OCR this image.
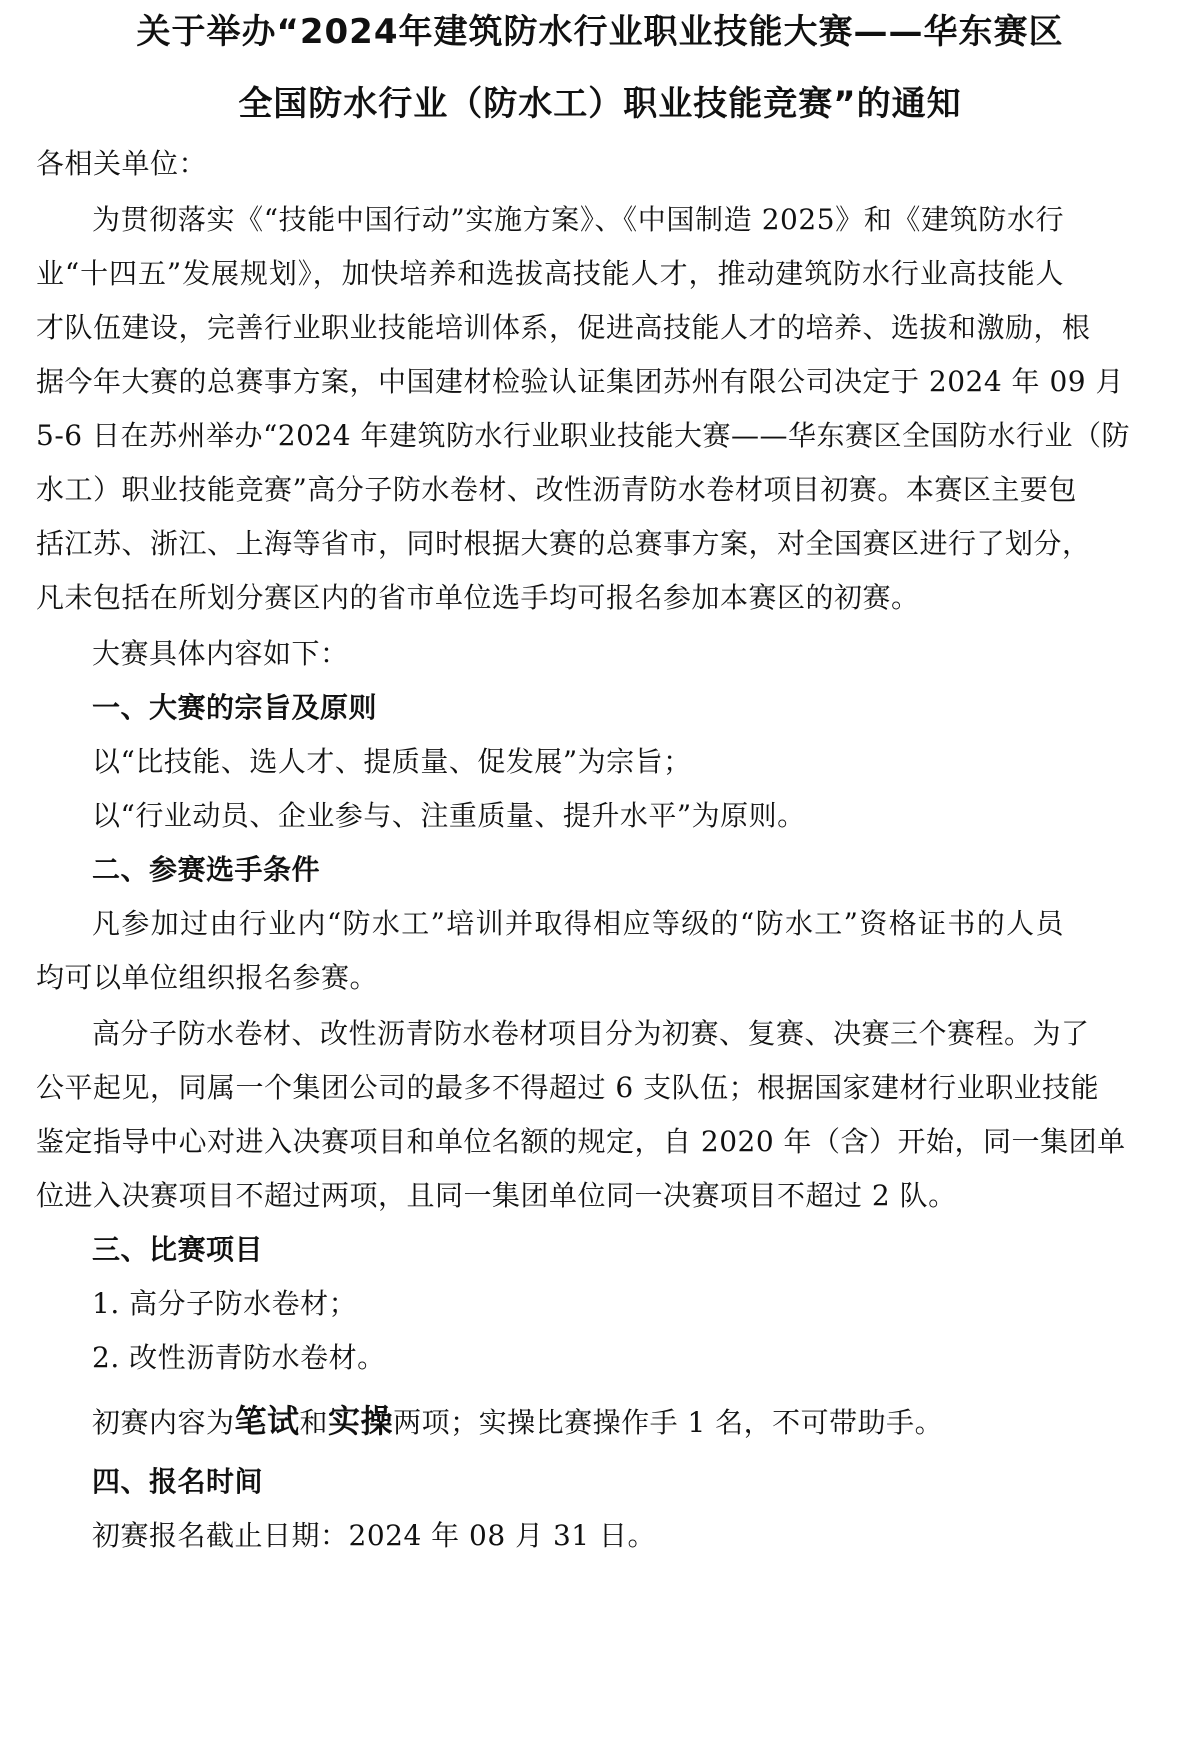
关于举办“2024年建筑防水行业职业技能大赛——华东赛区
全国防水行业（防水工）职业技能竞赛”的通知
各相关单位：
为贯彻落实《“技能中国行动”实施方案》、《中国制造 2025》和《建筑防水行
业“十四五”发展规划》，加快培养和选拔高技能人才，推动建筑防水行业高技能人
才队伍建设，完善行业职业技能培训体系，促进高技能人才的培养、选拔和激励，根
据今年大赛的总赛事方案，中国建材检验认证集团苏州有限公司决定于 2024 年 09 月
5-6 日在苏州举办“2024 年建筑防水行业职业技能大赛——华东赛区全国防水行业（防
水工）职业技能竞赛”高分子防水卷材、改性沥青防水卷材项目初赛。本赛区主要包
括江苏、浙江、上海等省市，同时根据大赛的总赛事方案，对全国赛区进行了划分，
凡未包括在所划分赛区内的省市单位选手均可报名参加本赛区的初赛。
大赛具体内容如下：
一、大赛的宗旨及原则
以“比技能、选人才、提质量、促发展”为宗旨；
以“行业动员、企业参与、注重质量、提升水平”为原则。
二、参赛选手条件
凡参加过由行业内“防水工”培训并取得相应等级的“防水工”资格证书的人员
均可以单位组织报名参赛。
高分子防水卷材、改性沥青防水卷材项目分为初赛、复赛、决赛三个赛程。为了
公平起见，同属一个集团公司的最多不得超过 6 支队伍；根据国家建材行业职业技能
鉴定指导中心对进入决赛项目和单位名额的规定，自 2020 年（含）开始，同一集团单
位进入决赛项目不超过两项，且同一集团单位同一决赛项目不超过 2 队。
三、比赛项目
1. 高分子防水卷材；
2. 改性沥青防水卷材。
初赛内容为笔试和实操两项；实操比赛操作手 1 名，不可带助手。
四、报名时间
初赛报名截止日期：2024 年 08 月 31 日。
